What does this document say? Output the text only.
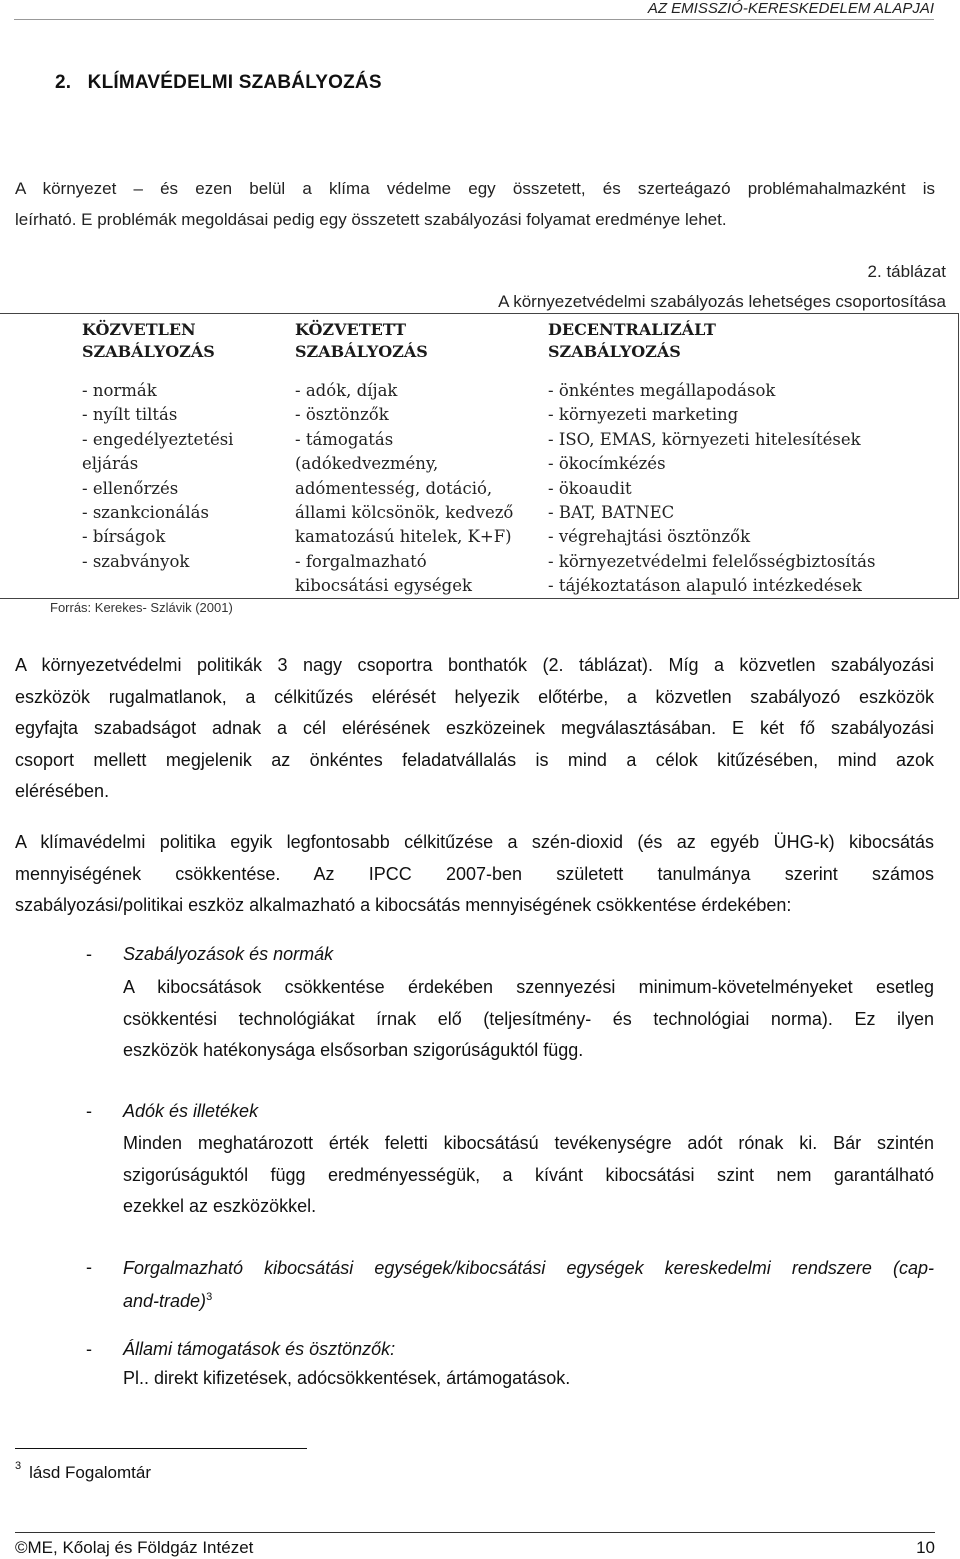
AZ EMISSZIÓ-KERESKEDELEM ALAPJAI
2.   KLÍMAVÉDELMI SZABÁLYOZÁS
A környezet – és ezen belül a klíma védelme egy összetett, és szerteágazó problémahalmazként is
leírható. E problémák megoldásai pedig egy összetett szabályozási folyamat eredménye lehet.
2. táblázat
A környezetvédelmi szabályozás lehetséges csoportosítása
KÖZVETLEN
SZABÁLYOZÁS
- normák
- nyílt tiltás
- engedélyeztetési
eljárás
- ellenőrzés
- szankcionálás
- bírságok
- szabványok
KÖZVETETT
SZABÁLYOZÁS
- adók, díjak
- ösztönzők
- támogatás
(adókedvezmény,
adómentesség, dotáció,
állami kölcsönök, kedvező
kamatozású hitelek, K+F)
- forgalmazható
kibocsátási egységek
DECENTRALIZÁLT
SZABÁLYOZÁS
- önkéntes megállapodások
- környezeti marketing
- ISO, EMAS, környezeti hitelesítések
- ökocímkézés
- ökoaudit
- BAT, BATNEC
- végrehajtási ösztönzők
- környezetvédelmi felelősségbiztosítás
- tájékoztatáson alapuló intézkedések
Forrás: Kerekes- Szlávik (2001)
A környezetvédelmi politikák 3 nagy csoportra bonthatók (2. táblázat). Míg a közvetlen szabályozási
eszközök rugalmatlanok, a célkitűzés elérését helyezik előtérbe, a közvetlen szabályozó eszközök
egyfajta szabadságot adnak a cél elérésének eszközeinek megválasztásában. E két fő szabályozási
csoport mellett megjelenik az önkéntes feladatvállalás is mind a célok kitűzésében, mind azok
elérésében.
A klímavédelmi politika egyik legfontosabb célkitűzése a szén-dioxid (és az egyéb ÜHG-k) kibocsátás
mennyiségének csökkentése. Az IPCC 2007-ben született tanulmánya szerint számos
szabályozási/politikai eszköz alkalmazható a kibocsátás mennyiségének csökkentése érdekében:
- Szabályozások és normák
A kibocsátások csökkentése érdekében szennyezési minimum-követelményeket esetleg
csökkentési technológiákat írnak elő (teljesítmény- és technológiai norma). Ez ilyen
eszközök hatékonysága elsősorban szigorúságuktól függ.
- Adók és illetékek
Minden meghatározott érték feletti kibocsátású tevékenységre adót rónak ki. Bár szintén
szigorúságuktól függ eredményességük, a kívánt kibocsátási szint nem garantálható
ezekkel az eszközökkel.
- Forgalmazható kibocsátási egységek/kibocsátási egységek kereskedelmi rendszere (cap-
and-trade)$^3$
- Állami támogatások és ösztönzők:
Pl.. direkt kifizetések, adócsökkentések, ártámogatások.
$^3$ lásd Fogalomtár
©ME, Kőolaj és Földgáz Intézet	10
